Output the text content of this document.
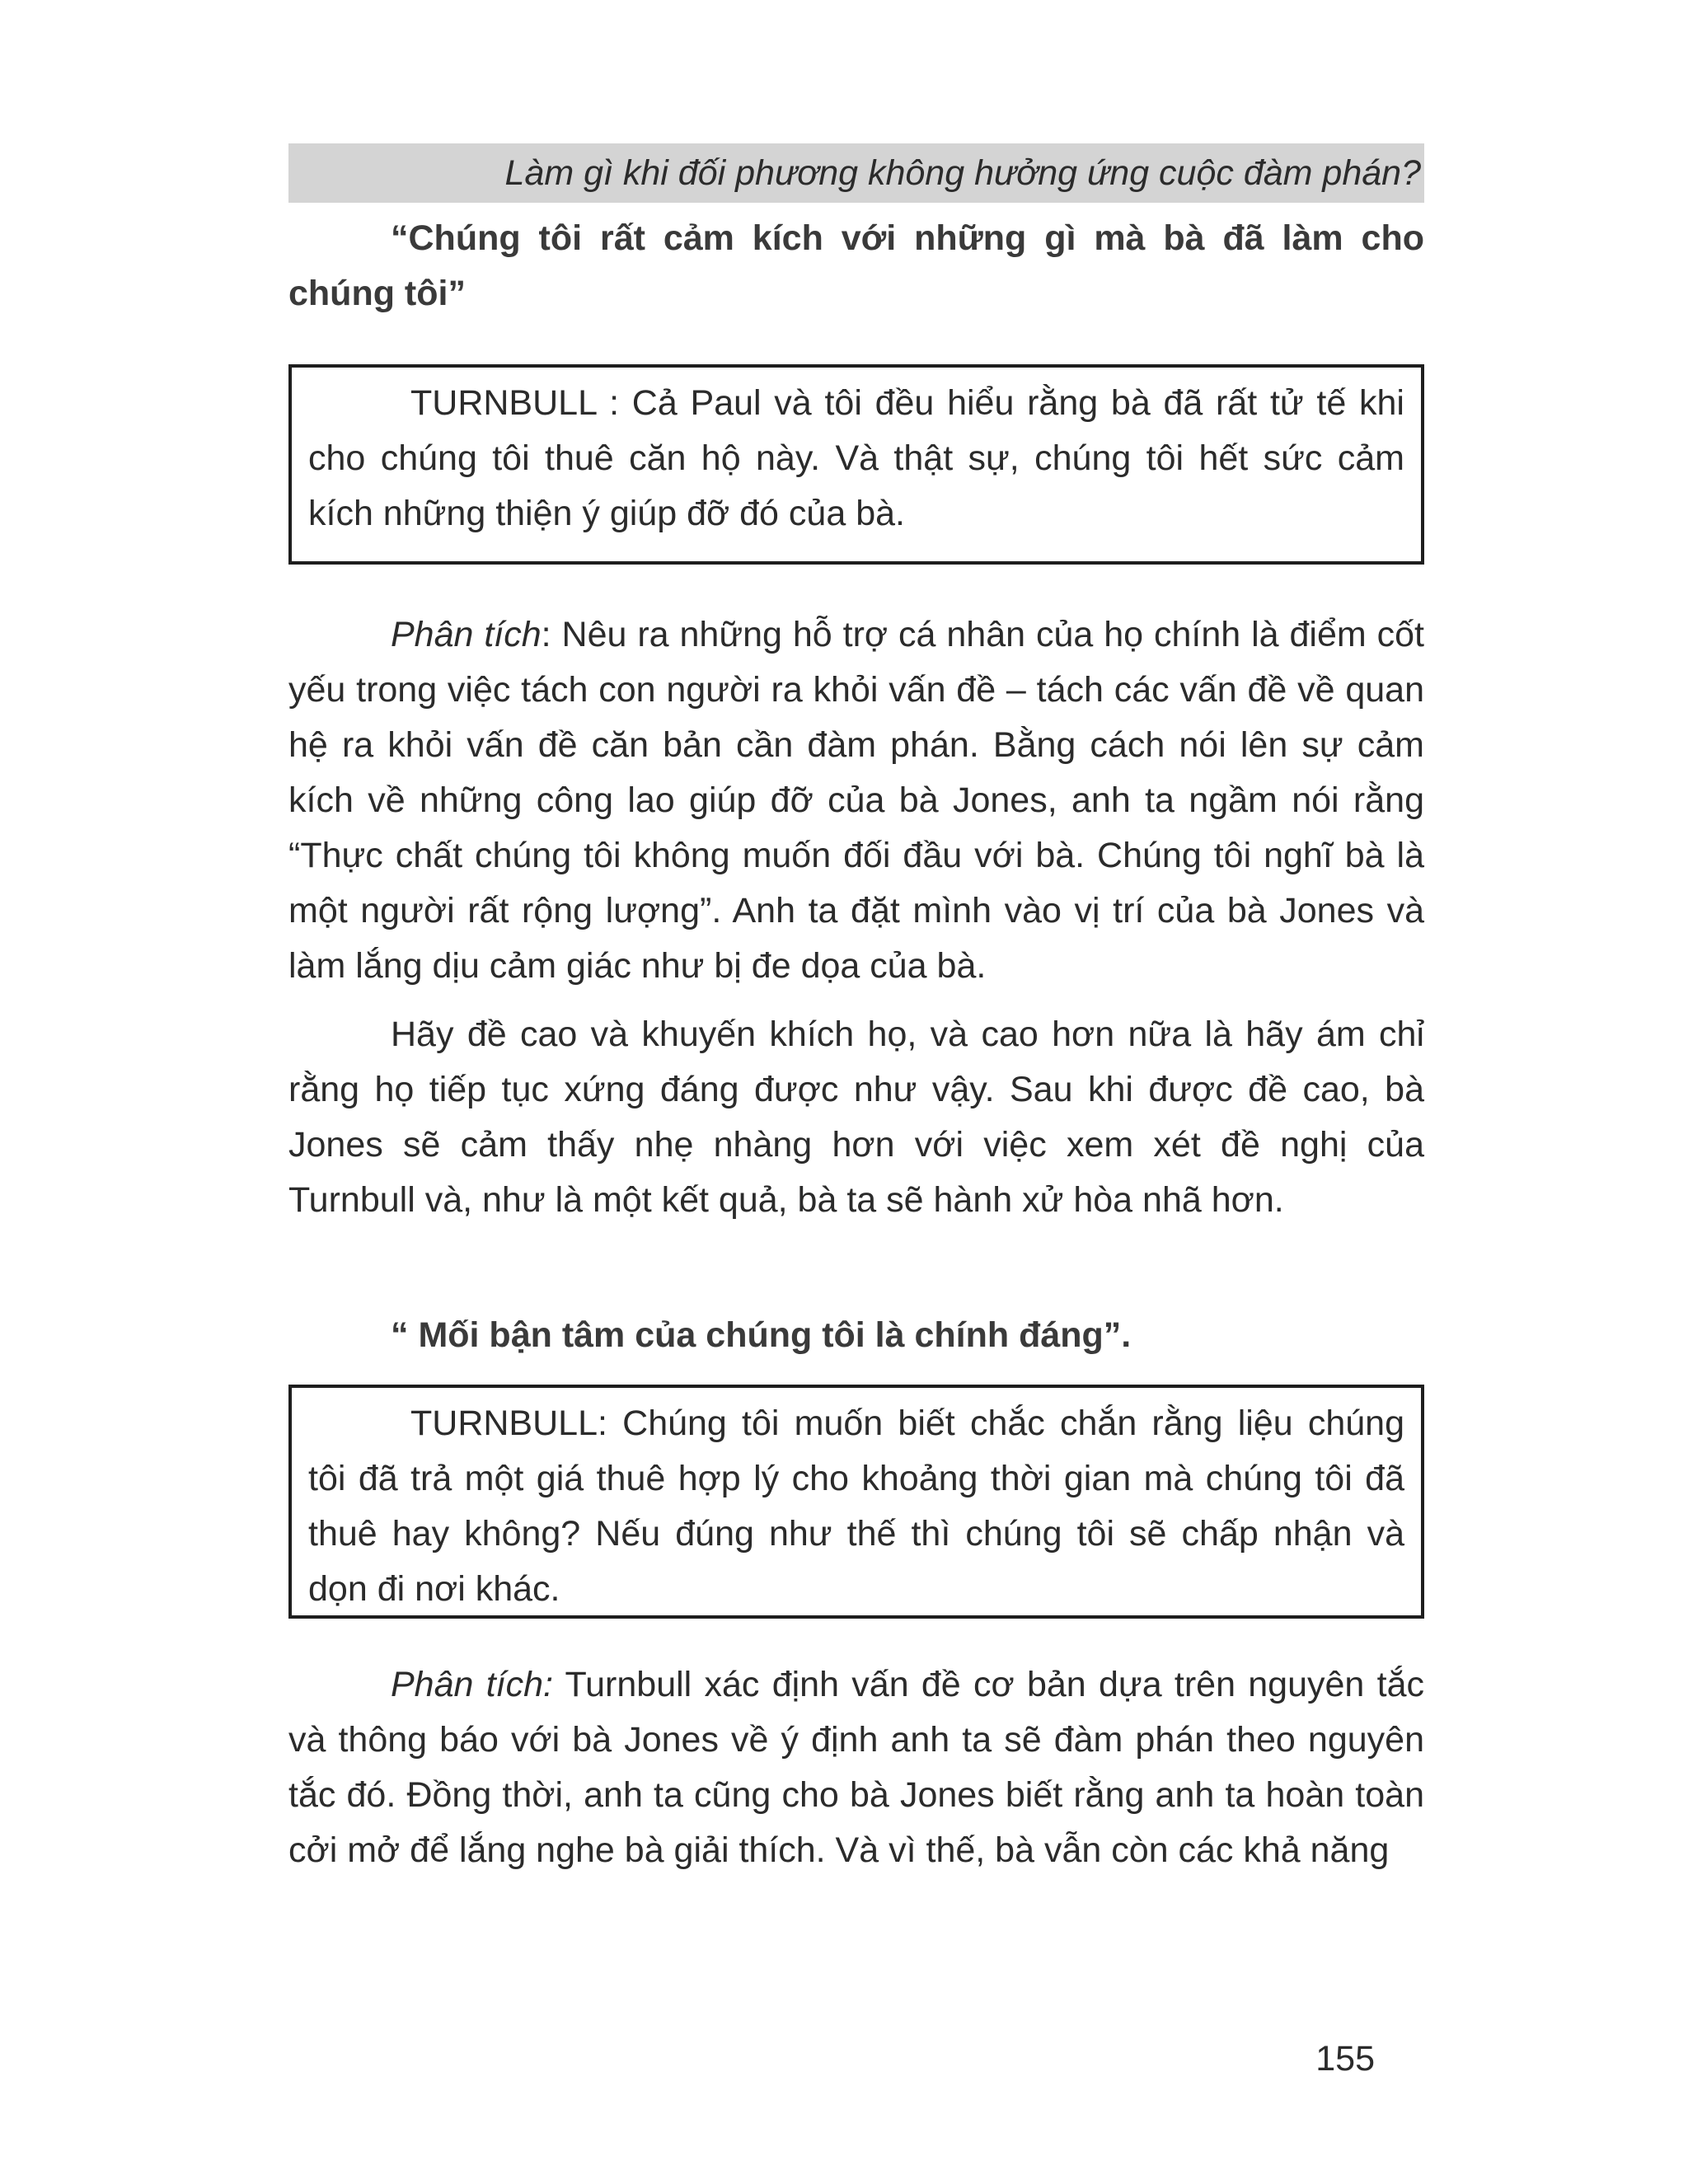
Làm gì khi đối phương không hưởng ứng cuộc đàm phán?

“Chúng tôi rất cảm kích với những gì mà bà đã làm cho chúng tôi”

TURNBULL : Cả Paul và tôi đều hiểu rằng bà đã rất tử tế khi cho chúng tôi thuê căn hộ này. Và thật sự, chúng tôi hết sức cảm kích những thiện ý giúp đỡ đó của bà.

Phân tích: Nêu ra những hỗ trợ cá nhân của họ chính là điểm cốt yếu trong việc tách con người ra khỏi vấn đề – tách các vấn đề về quan hệ ra khỏi vấn đề căn bản cần đàm phán. Bằng cách nói lên sự cảm kích về những công lao giúp đỡ của bà Jones, anh ta ngầm nói rằng “Thực chất chúng tôi không muốn đối đầu với bà. Chúng tôi nghĩ bà là một người rất rộng lượng”. Anh ta đặt mình vào vị trí của bà Jones và làm lắng dịu cảm giác như bị đe dọa của bà.

Hãy đề cao và khuyến khích họ, và cao hơn nữa là hãy ám chỉ rằng họ tiếp tục xứng đáng được như vậy. Sau khi được đề cao, bà Jones sẽ cảm thấy nhẹ nhàng hơn với việc xem xét đề nghị của Turnbull và, như là một kết quả, bà ta sẽ hành xử hòa nhã hơn.

“ Mối bận tâm của chúng tôi là chính đáng”.

TURNBULL: Chúng tôi muốn biết chắc chắn rằng liệu chúng tôi đã trả một giá thuê hợp lý cho khoảng thời gian mà chúng tôi đã thuê hay không? Nếu đúng như thế thì chúng tôi sẽ chấp nhận và dọn đi nơi khác.

Phân tích: Turnbull xác định vấn đề cơ bản dựa trên nguyên tắc và thông báo với bà Jones về ý định anh ta sẽ đàm phán theo nguyên tắc đó. Đồng thời, anh ta cũng cho bà Jones biết rằng anh ta hoàn toàn cởi mở để lắng nghe bà giải thích. Và vì thế, bà vẫn còn các khả năng

155
